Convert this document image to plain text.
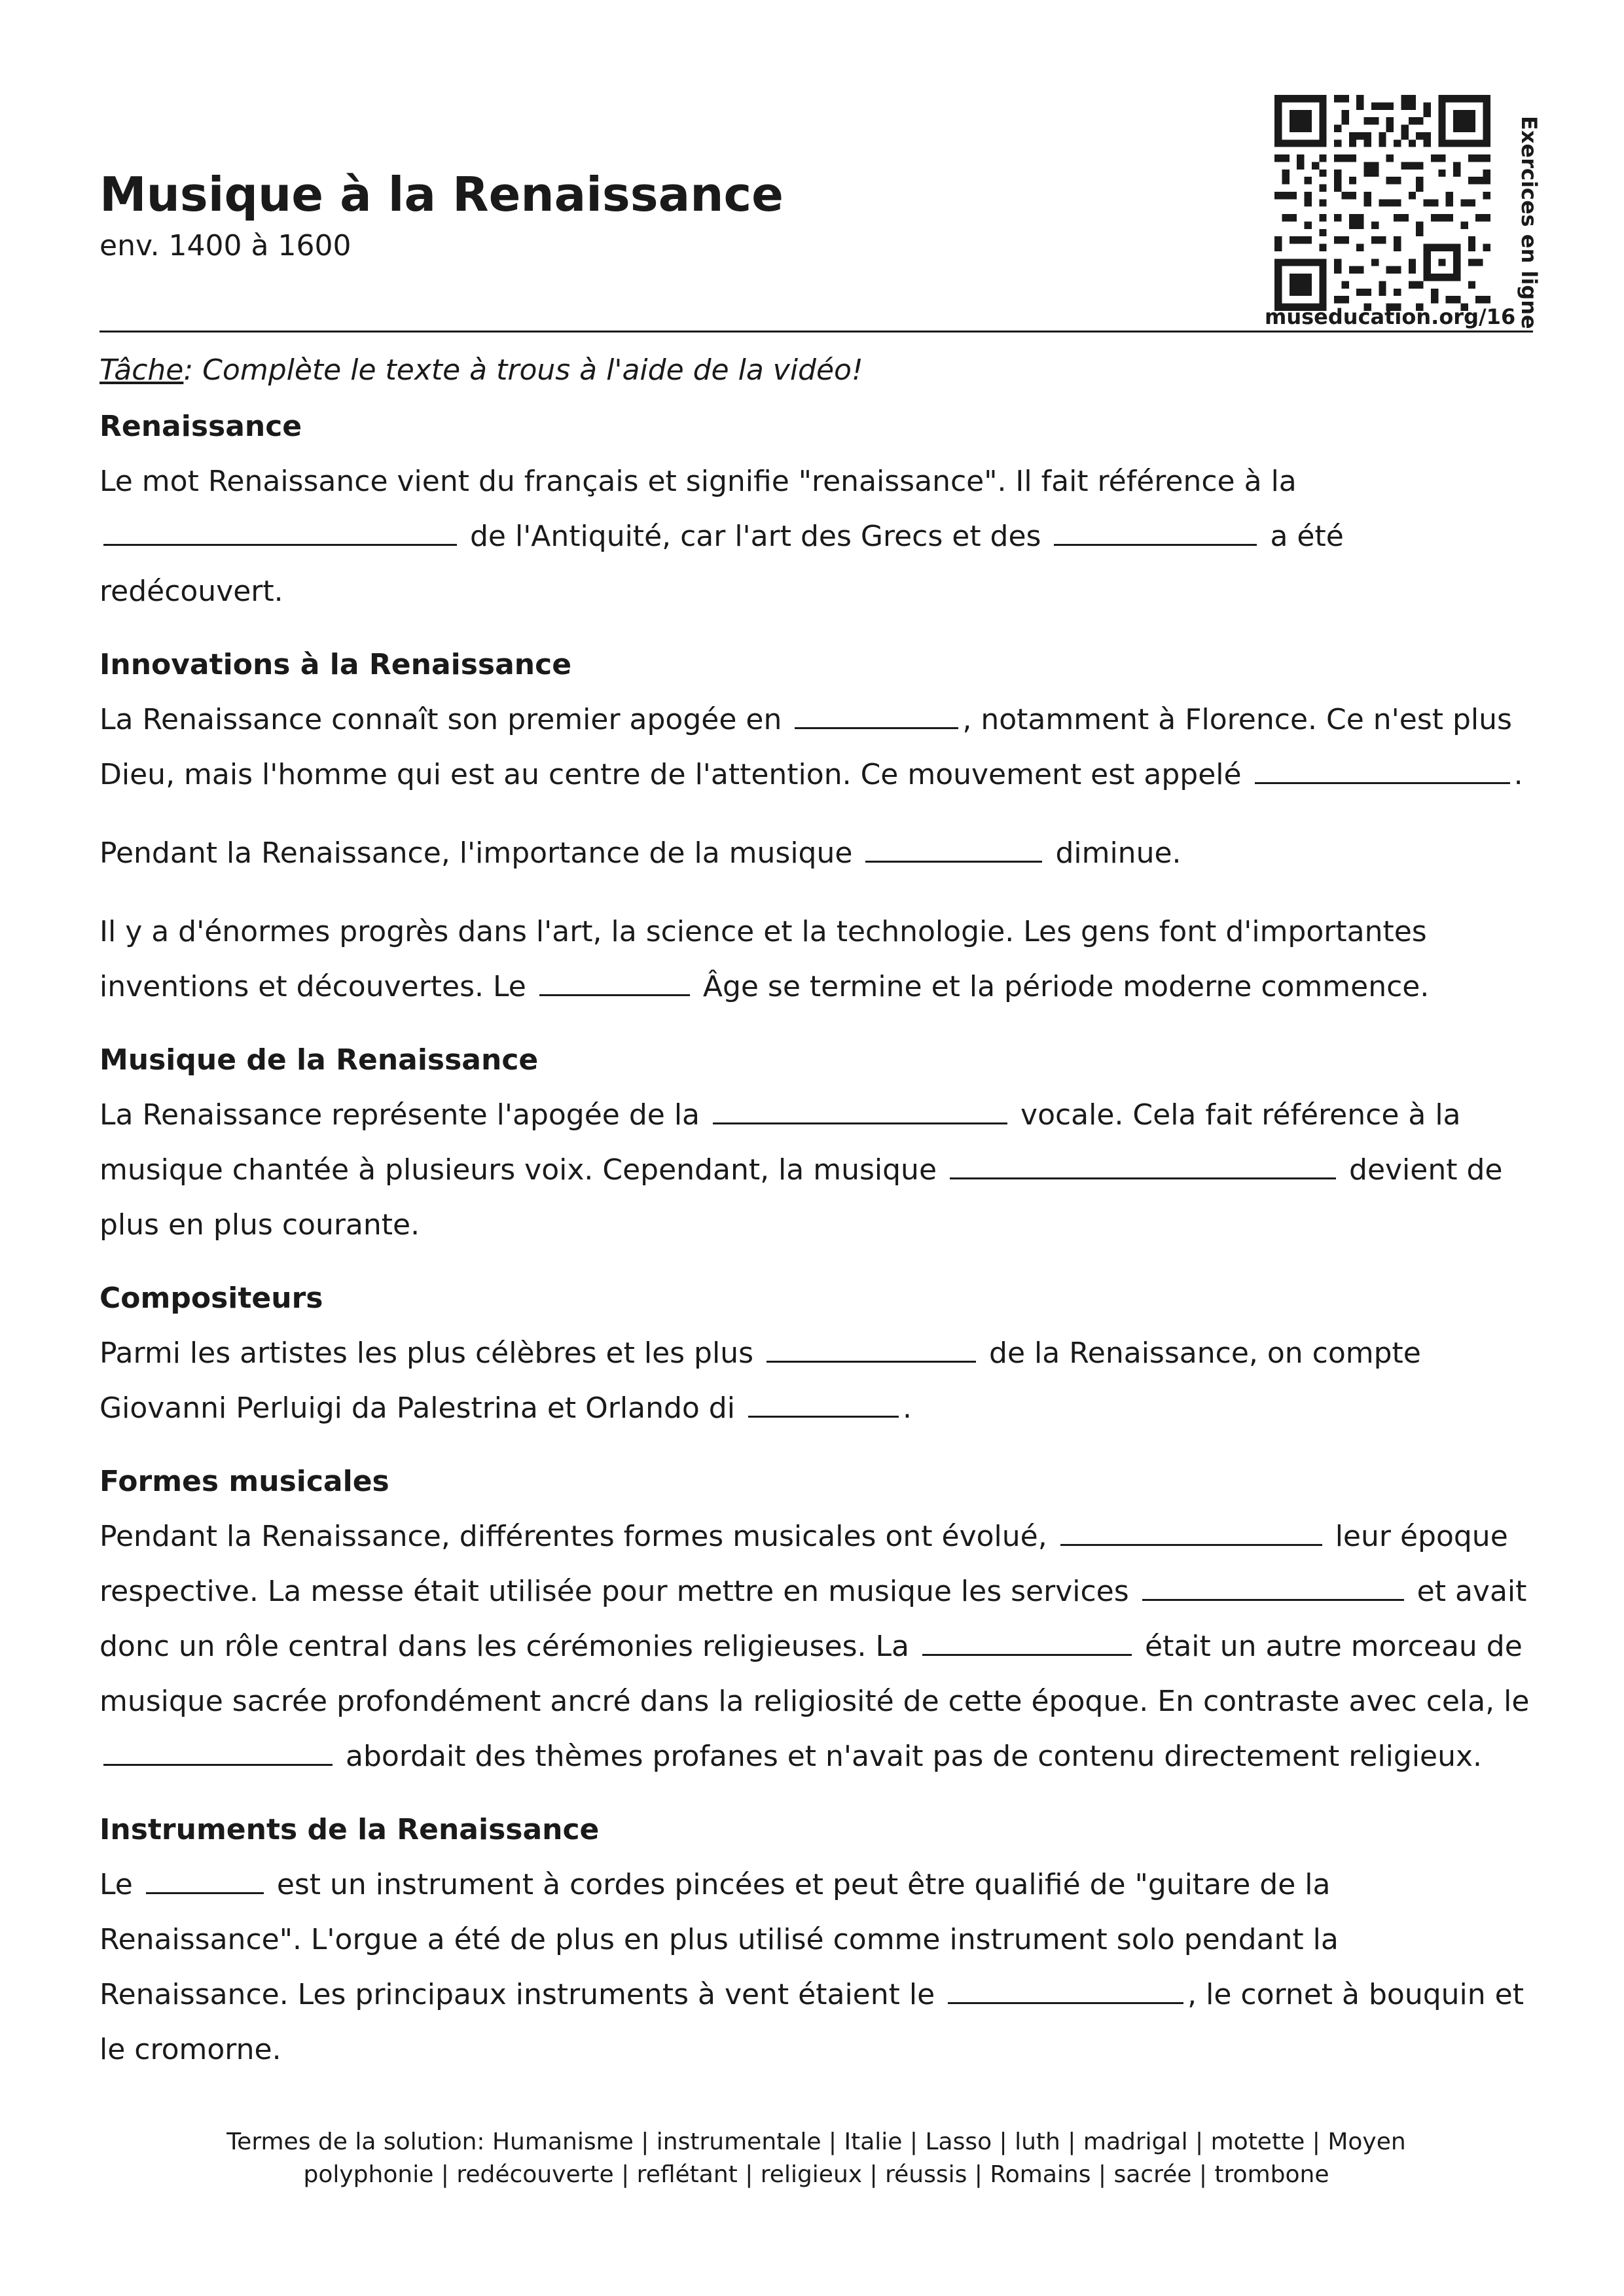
Musique à la Renaissance
env. 1400 à 1600	Exercices en ligne
museducation.org/16
Tâche: Complète le texte à trous à l'aide de la vidéo!
Renaissance

Le mot Renaissance vient du français et signifie "renaissance". Il fait référence à la  de l'Antiquité, car l'art des Grecs et des	a été redécouvert.

Innovations à la Renaissance

La Renaissance connaît son premier apogée en	, notamment à Florence. Ce n'est plus Dieu, mais l'homme qui est au centre de l'attention. Ce mouvement est appelé	.

Pendant la Renaissance, l'importance de la musique	diminue.

Il y a d'énormes progrès dans l'art, la science et la technologie. Les gens font d'importantes inventions et découvertes. Le	Âge se termine et la période moderne commence.

Musique de la Renaissance

La Renaissance représente l'apogée de la	vocale. Cela fait référence à la musique chantée à plusieurs voix. Cependant, la musique	devient de plus en plus courante.

Compositeurs

Parmi les artistes les plus célèbres et les plus	de la Renaissance, on compte Giovanni Perluigi da Palestrina et Orlando di	.

Formes musicales

Pendant la Renaissance, différentes formes musicales ont évolué,	leur époque respective. La messe était utilisée pour mettre en musique les services	et avait donc un rôle central dans les cérémonies religieuses. La	était un autre morceau de musique sacrée profondément ancré dans la religiosité de cette époque. En contraste avec cela, le  abordait des thèmes profanes et n'avait pas de contenu directement religieux.

Instruments de la Renaissance

Le	est un instrument à cordes pincées et peut être qualifié de "guitare de la Renaissance". L'orgue a été de plus en plus utilisé comme instrument solo pendant la Renaissance. Les principaux instruments à vent étaient le	, le cornet à bouquin et le cromorne.

Termes de la solution: Humanisme | instrumentale | Italie | Lasso | luth | madrigal | motette | Moyen
polyphonie | redécouverte | reflétant | religieux | réussis | Romains | sacrée | trombone
